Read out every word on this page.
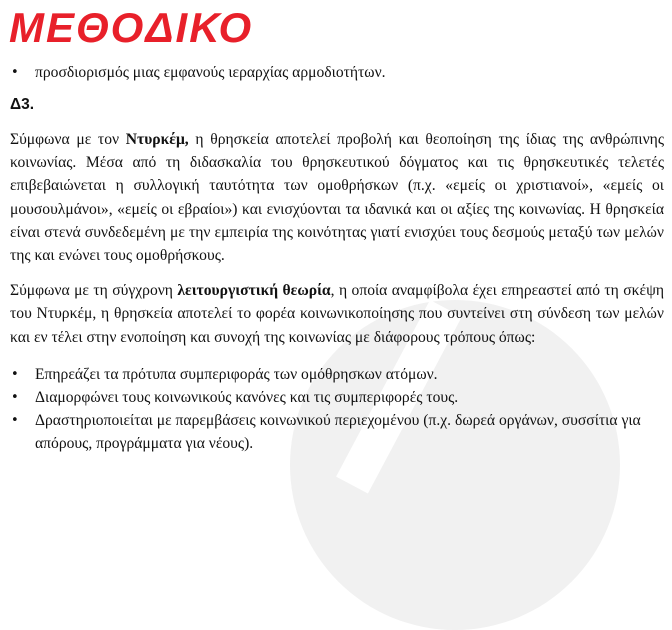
ΜΕΘΟΔΙΚΟ
•	προσδιορισμός μιας εμφανούς ιεραρχίας αρμοδιοτήτων.
Δ3.
Σύμφωνα με τον Ντυρκέμ, η θρησκεία αποτελεί προβολή και θεοποίηση της ίδιας της ανθρώπινης κοινωνίας. Μέσα από τη διδασκαλία του θρησκευτικού δόγματος και τις θρησκευτικές τελετές επιβεβαιώνεται η συλλογική ταυτότητα των ομοθρήσκων (π.χ. «εμείς οι χριστιανοί», «εμείς οι μουσουλμάνοι», «εμείς οι εβραίοι») και ενισχύονται τα ιδανικά και οι αξίες της κοινωνίας. Η θρησκεία είναι στενά συνδεδεμένη με την εμπειρία της κοινότητας γιατί ενισχύει τους δεσμούς μεταξύ των μελών της και ενώνει τους ομοθρήσκους.
Σύμφωνα με τη σύγχρονη λειτουργιστική θεωρία, η οποία αναμφίβολα έχει επηρεαστεί από τη σκέψη του Ντυρκέμ, η θρησκεία αποτελεί το φορέα κοινωνικοποίησης που συντείνει στη σύνδεση των μελών και εν τέλει στην ενοποίηση και συνοχή της κοινωνίας με διάφορους τρόπους όπως:
•	Επηρεάζει τα πρότυπα συμπεριφοράς των ομόθρησκων ατόμων.
•	Διαμορφώνει τους κοινωνικούς κανόνες και τις συμπεριφορές τους.
•	Δραστηριοποιείται με παρεμβάσεις κοινωνικού περιεχομένου (π.χ. δωρεά οργάνων, συσσίτια για απόρους, προγράμματα για νέους).
